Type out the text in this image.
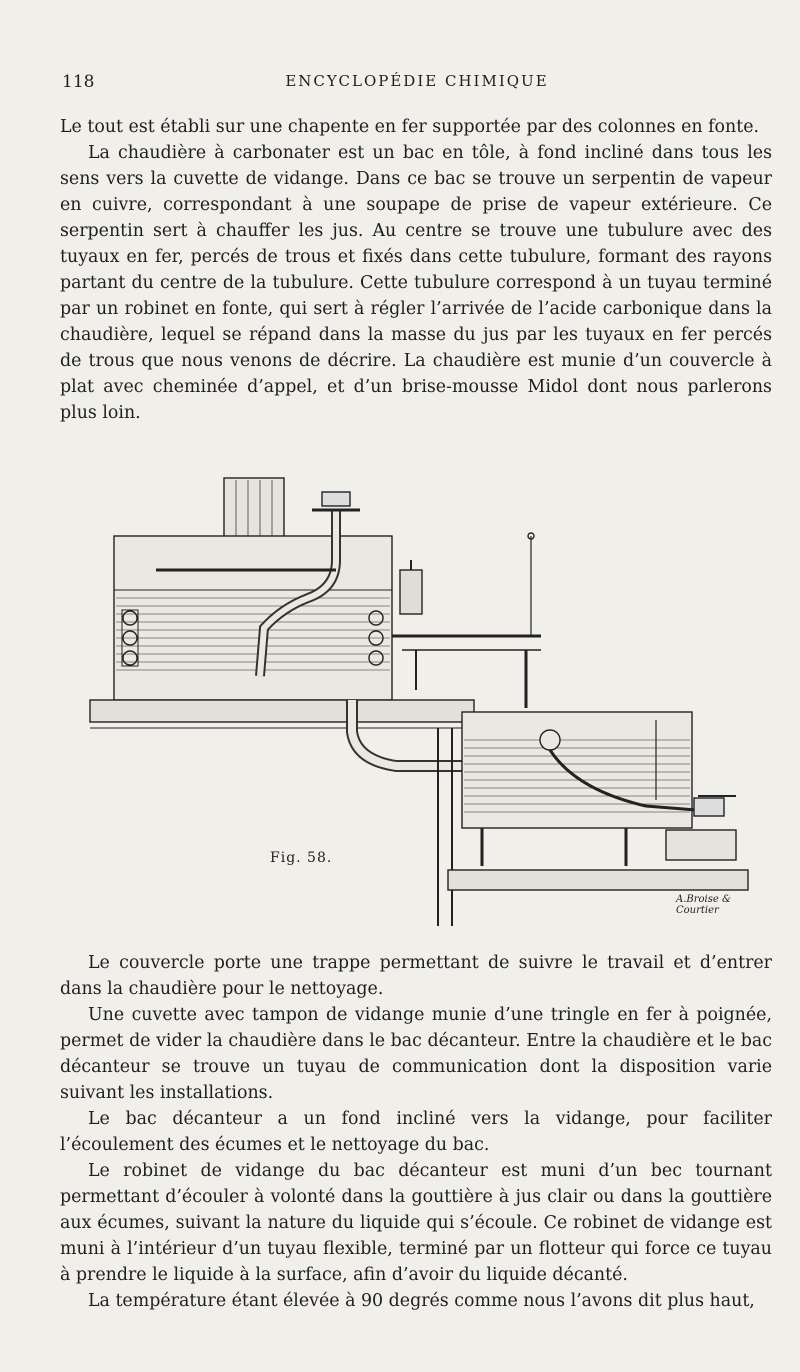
118	ENCYCLOPÉDIE CHIMIQUE

Le tout est établi sur une chapente en fer supportée par des colonnes en fonte.

La chaudière à carbonater est un bac en tôle, à fond incliné dans tous les sens vers la cuvette de vidange. Dans ce bac se trouve un serpentin de vapeur en cuivre, correspondant à une soupape de prise de vapeur extérieure. Ce serpentin sert à chauffer les jus. Au centre se trouve une tubulure avec des tuyaux en fer, percés de trous et fixés dans cette tubulure, formant des rayons partant du centre de la tubulure. Cette tubulure correspond à un tuyau terminé par un robinet en fonte, qui sert à régler l’arrivée de l’acide carbonique dans la chaudière, lequel se répand dans la masse du jus par les tuyaux en fer percés de trous que nous venons de décrire. La chaudière est munie d’un couvercle à plat avec cheminée d’appel, et d’un brise-mousse Midol dont nous parlerons plus loin.

Fig. 58.
A.Broise & Courtier

Le couvercle porte une trappe permettant de suivre le travail et d’entrer dans la chaudière pour le nettoyage.

Une cuvette avec tampon de vidange munie d’une tringle en fer à poignée, permet de vider la chaudière dans le bac décanteur. Entre la chaudière et le bac décanteur se trouve un tuyau de communication dont la disposition varie suivant les installations.

Le bac décanteur a un fond incliné vers la vidange, pour faciliter l’écoulement des écumes et le nettoyage du bac.

Le robinet de vidange du bac décanteur est muni d’un bec tournant permettant d’écouler à volonté dans la gouttière à jus clair ou dans la gouttière aux écumes, suivant la nature du liquide qui s’écoule. Ce robinet de vidange est muni à l’intérieur d’un tuyau flexible, terminé par un flotteur qui force ce tuyau à prendre le liquide à la surface, afin d’avoir du liquide décanté.

La température étant élevée à 90 degrés comme nous l’avons dit plus haut,
